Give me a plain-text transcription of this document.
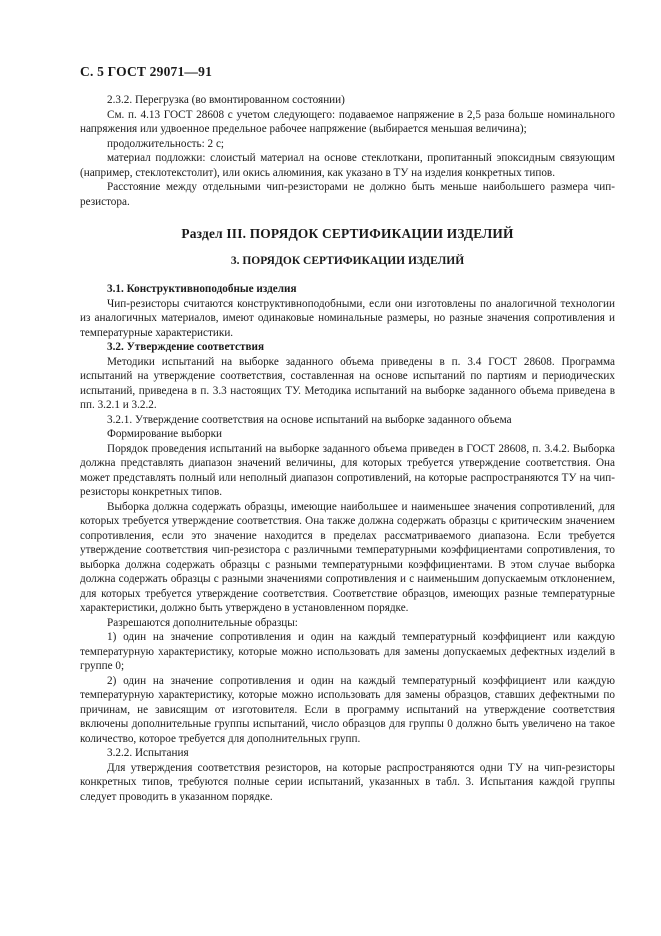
С. 5 ГОСТ 29071—91

2.3.2. Перегрузка (во вмонтированном состоянии)

См. п. 4.13 ГОСТ 28608 с учетом следующего: подаваемое напряжение в 2,5 раза больше номинального напряжения или удвоенное предельное рабочее напряжение (выбирается меньшая величина);

продолжительность: 2 с;

материал подложки: слоистый материал на основе стеклоткани, пропитанный эпоксидным связующим (например, стеклотекстолит), или окись алюминия, как указано в ТУ на изделия конкретных типов.

Расстояние между отдельными чип-резисторами не должно быть меньше наибольшего размера чип-резистора.

Раздел III. ПОРЯДОК СЕРТИФИКАЦИИ ИЗДЕЛИЙ
3. ПОРЯДОК СЕРТИФИКАЦИИ ИЗДЕЛИЙ

3.1. Конструктивноподобные изделия

Чип-резисторы считаются конструктивноподобными, если они изготовлены по аналогичной технологии из аналогичных материалов, имеют одинаковые номинальные размеры, но разные значения сопротивления и температурные характеристики.

3.2. Утверждение соответствия

Методики испытаний на выборке заданного объема приведены в п. 3.4 ГОСТ 28608. Программа испытаний на утверждение соответствия, составленная на основе испытаний по партиям и периодических испытаний, приведена в п. 3.3 настоящих ТУ. Методика испытаний на выборке заданного объема приведена в пп. 3.2.1 и 3.2.2.

3.2.1. Утверждение соответствия на основе испытаний на выборке заданного объема

Формирование выборки

Порядок проведения испытаний на выборке заданного объема приведен в ГОСТ 28608, п. 3.4.2. Выборка должна представлять диапазон значений величины, для которых требуется утверждение соответствия. Она может представлять полный или неполный диапазон сопротивлений, на которые распространяются ТУ на чип-резисторы конкретных типов.

Выборка должна содержать образцы, имеющие наибольшее и наименьшее значения сопротивлений, для которых требуется утверждение соответствия. Она также должна содержать образцы с критическим значением сопротивления, если это значение находится в пределах рассматриваемого диапазона. Если требуется утверждение соответствия чип-резистора с различными температурными коэффициентами сопротивления, то выборка должна содержать образцы с разными температурными коэффициентами. В этом случае выборка должна содержать образцы с разными значениями сопротивления и с наименьшим допускаемым отклонением, для которых требуется утверждение соответствия. Соответствие образцов, имеющих разные температурные характеристики, должно быть утверждено в установленном порядке.

Разрешаются дополнительные образцы:

1) один на значение сопротивления и один на каждый температурный коэффициент или каждую температурную характеристику, которые можно использовать для замены допускаемых дефектных изделий в группе 0;

2) один на значение сопротивления и один на каждый температурный коэффициент или каждую температурную характеристику, которые можно использовать для замены образцов, ставших дефектными по причинам, не зависящим от изготовителя. Если в программу испытаний на утверждение соответствия включены дополнительные группы испытаний, число образцов для группы 0 должно быть увеличено на такое количество, которое требуется для дополнительных групп.

3.2.2. Испытания

Для утверждения соответствия резисторов, на которые распространяются одни ТУ на чип-резисторы конкретных типов, требуются полные серии испытаний, указанных в табл. 3. Испытания каждой группы следует проводить в указанном порядке.
